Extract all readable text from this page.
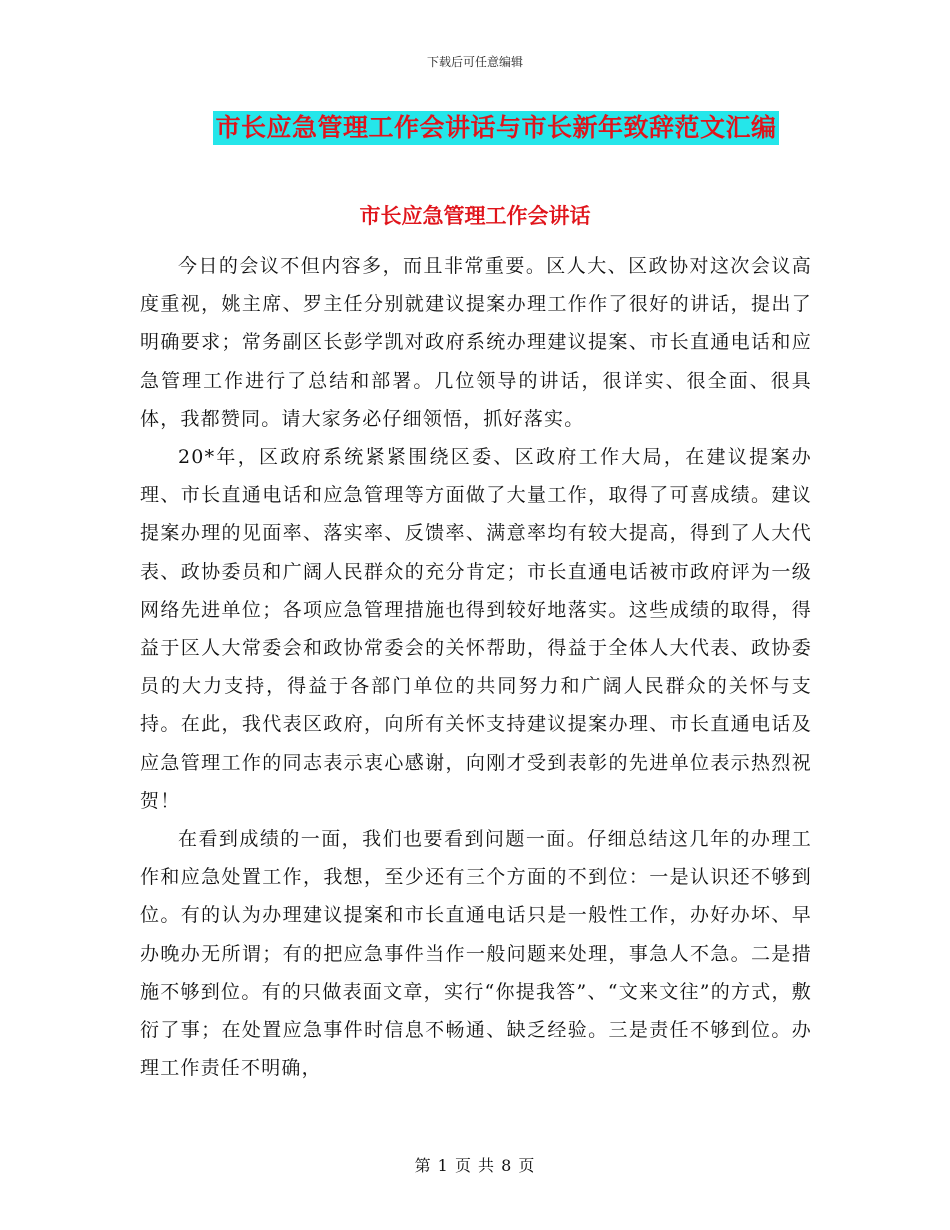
下载后可任意编辑
市长应急管理工作会讲话与市长新年致辞范文汇编
市长应急管理工作会讲话

今日的会议不但内容多，而且非常重要。区人大、区政协对这次会议高度重视，姚主席、罗主任分别就建议提案办理工作作了很好的讲话，提出了明确要求；常务副区长彭学凯对政府系统办理建议提案、市长直通电话和应急管理工作进行了总结和部署。几位领导的讲话，很详实、很全面、很具体，我都赞同。请大家务必仔细领悟，抓好落实。

20*年，区政府系统紧紧围绕区委、区政府工作大局，在建议提案办理、市长直通电话和应急管理等方面做了大量工作，取得了可喜成绩。建议提案办理的见面率、落实率、反馈率、满意率均有较大提高，得到了人大代表、政协委员和广阔人民群众的充分肯定；市长直通电话被市政府评为一级网络先进单位；各项应急管理措施也得到较好地落实。这些成绩的取得，得益于区人大常委会和政协常委会的关怀帮助，得益于全体人大代表、政协委员的大力支持，得益于各部门单位的共同努力和广阔人民群众的关怀与支持。在此，我代表区政府，向所有关怀支持建议提案办理、市长直通电话及应急管理工作的同志表示衷心感谢，向刚才受到表彰的先进单位表示热烈祝贺！

在看到成绩的一面，我们也要看到问题一面。仔细总结这几年的办理工作和应急处置工作，我想，至少还有三个方面的不到位：一是认识还不够到位。有的认为办理建议提案和市长直通电话只是一般性工作，办好办坏、早办晚办无所谓；有的把应急事件当作一般问题来处理，事急人不急。二是措施不够到位。有的只做表面文章，实行“你提我答”、“文来文往”的方式，敷衍了事；在处置应急事件时信息不畅通、缺乏经验。三是责任不够到位。办理工作责任不明确，

第 1 页 共 8 页
